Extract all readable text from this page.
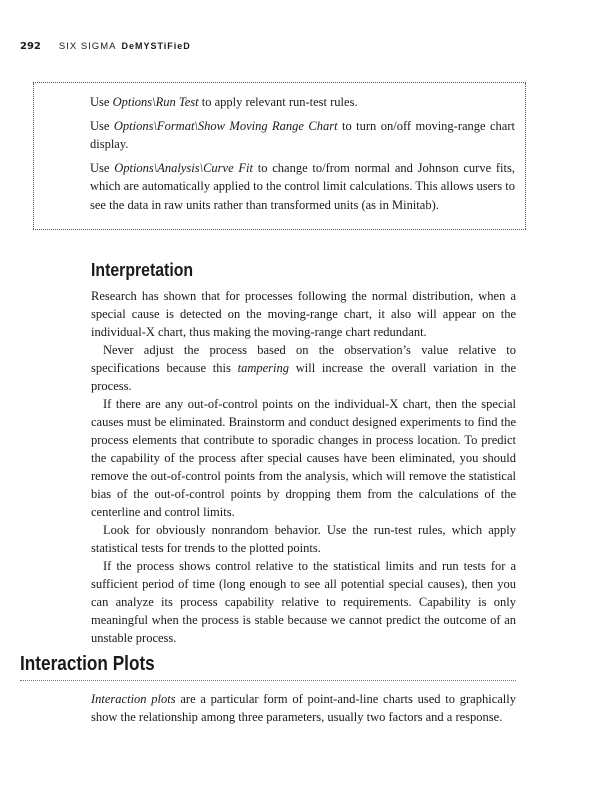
292 SIX SIGMA DeMYSTiFieD

Use Options\Run Test to apply relevant run-test rules.

Use Options\Format\Show Moving Range Chart to turn on/off moving-range chart display.

Use Options\Analysis\Curve Fit to change to/from normal and Johnson curve fits, which are automatically applied to the control limit calculations. This allows users to see the data in raw units rather than transformed units (as in Minitab).

Interpretation

Research has shown that for processes following the normal distribution, when a special cause is detected on the moving-range chart, it also will appear on the individual-X chart, thus making the moving-range chart redundant.

Never adjust the process based on the observation’s value relative to specifications because this tampering will increase the overall variation in the process.

If there are any out-of-control points on the individual-X chart, then the special causes must be eliminated. Brainstorm and conduct designed experiments to find the process elements that contribute to sporadic changes in process location. To predict the capability of the process after special causes have been eliminated, you should remove the out-of-control points from the analysis, which will remove the statistical bias of the out-of-control points by dropping them from the calculations of the centerline and control limits.

Look for obviously nonrandom behavior. Use the run-test rules, which apply statistical tests for trends to the plotted points.

If the process shows control relative to the statistical limits and run tests for a sufficient period of time (long enough to see all potential special causes), then you can analyze its process capability relative to requirements. Capability is only meaningful when the process is stable because we cannot predict the outcome of an unstable process.

Interaction Plots

Interaction plots are a particular form of point-and-line charts used to graphically show the relationship among three parameters, usually two factors and a response.
